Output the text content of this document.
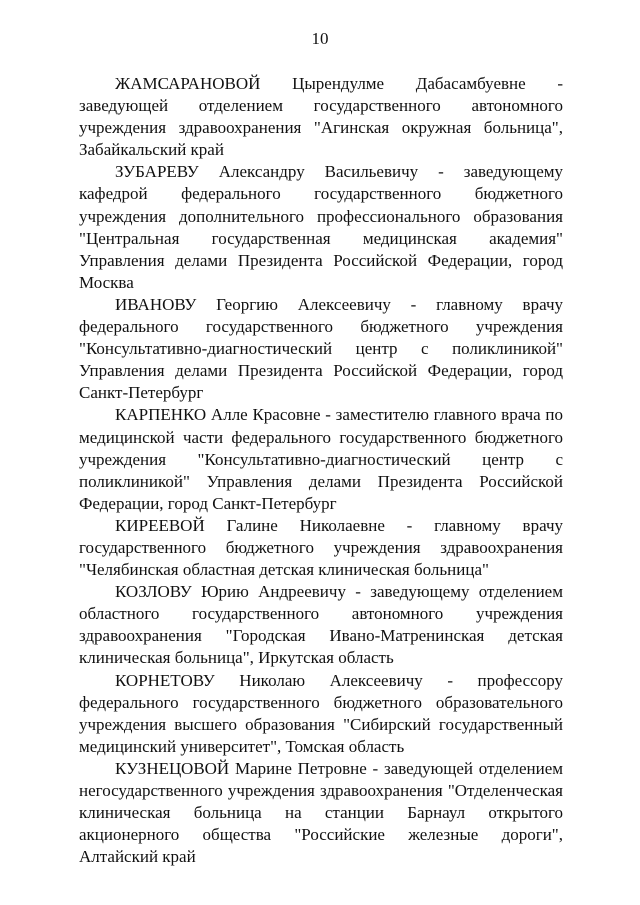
10

ЖАМСАРАНОВОЙ Цырендулме Дабасамбуевне - заведующей отделением государственного автономного учреждения здравоохранения "Агинская окружная больница", Забайкальский край

ЗУБАРЕВУ Александру Васильевичу - заведующему кафедрой федерального государственного бюджетного учреждения дополнительного профессионального образования "Центральная государственная медицинская академия" Управления делами Президента Российской Федерации, город Москва

ИВАНОВУ Георгию Алексеевичу - главному врачу федерального государственного бюджетного учреждения "Консультативно-диагностический центр с поликлиникой" Управления делами Президента Российской Федерации, город Санкт-Петербург

КАРПЕНКО Алле Красовне - заместителю главного врача по медицинской части федерального государственного бюджетного учреждения "Консультативно-диагностический центр с поликлиникой" Управления делами Президента Российской Федерации, город Санкт-Петербург

КИРЕЕВОЙ Галине Николаевне - главному врачу государственного бюджетного учреждения здравоохранения "Челябинская областная детская клиническая больница"

КОЗЛОВУ Юрию Андреевичу - заведующему отделением областного государственного автономного учреждения здравоохранения "Городская Ивано-Матренинская детская клиническая больница", Иркутская область

КОРНЕТОВУ Николаю Алексеевичу - профессору федерального государственного бюджетного образовательного учреждения высшего образования "Сибирский государственный медицинский университет", Томская область

КУЗНЕЦОВОЙ Марине Петровне - заведующей отделением негосударственного учреждения здравоохранения "Отделенческая клиническая больница на станции Барнаул открытого акционерного общества "Российские железные дороги", Алтайский край
